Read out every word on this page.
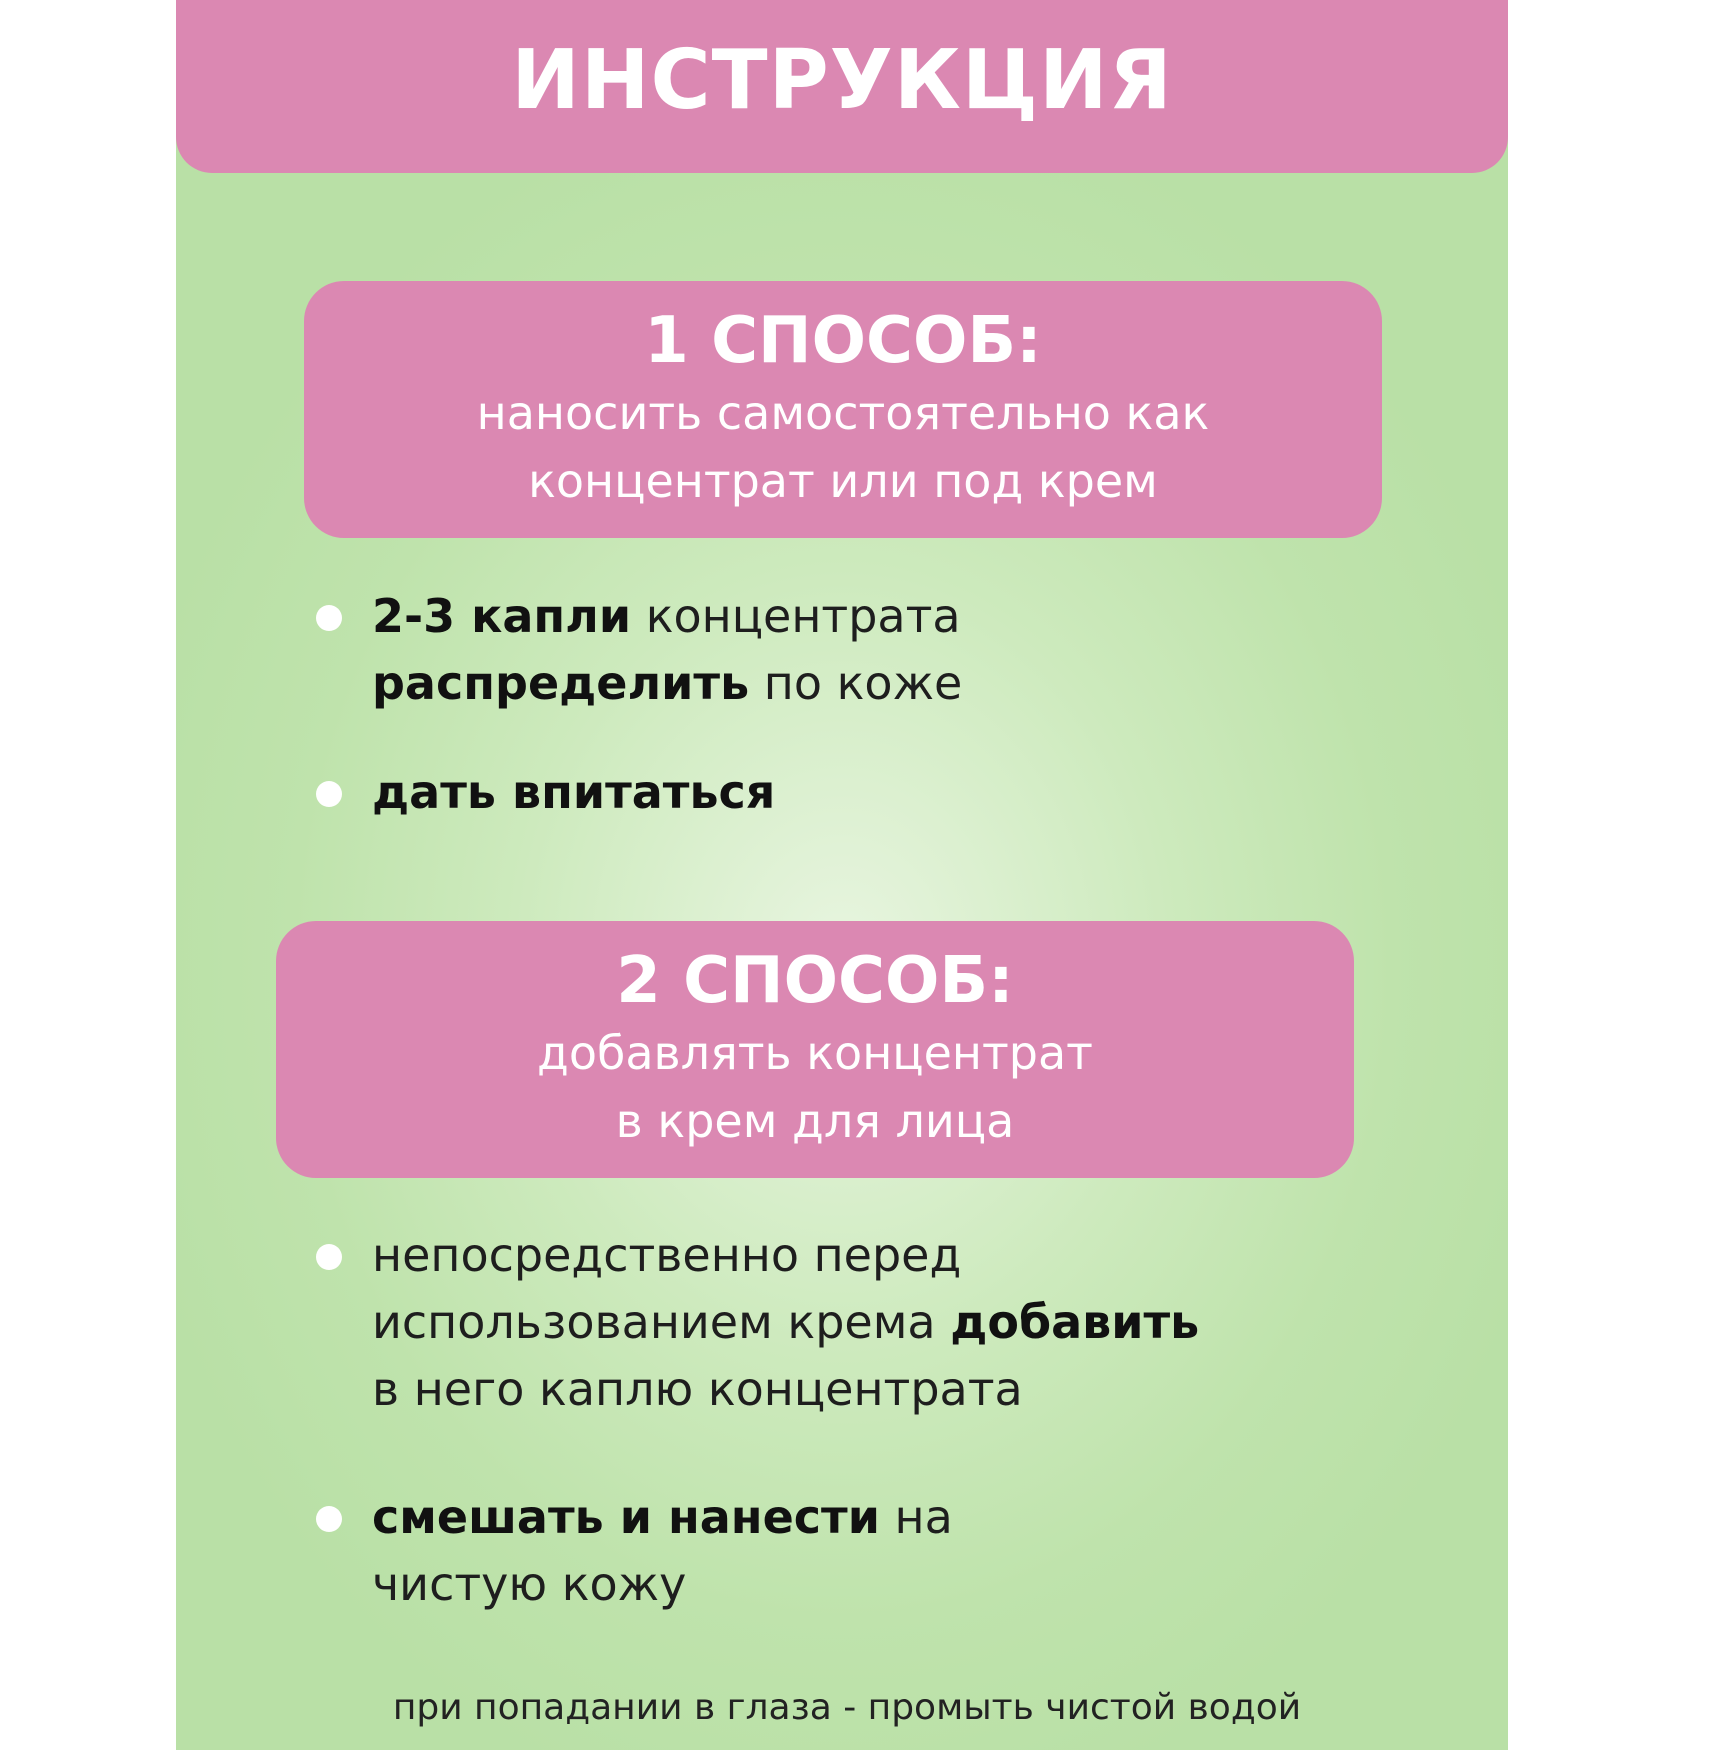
ИНСТРУКЦИЯ
1 СПОСОБ:
наносить самостоятельно как
концентрат или под крем
2-3 капли концентрата
распределить по коже
дать впитаться
2 СПОСОБ:
добавлять концентрат
в крем для лица
непосредственно перед
использованием крема добавить
в него каплю концентрата
смешать и нанести на
чистую кожу
при попадании в глаза - промыть чистой водой
